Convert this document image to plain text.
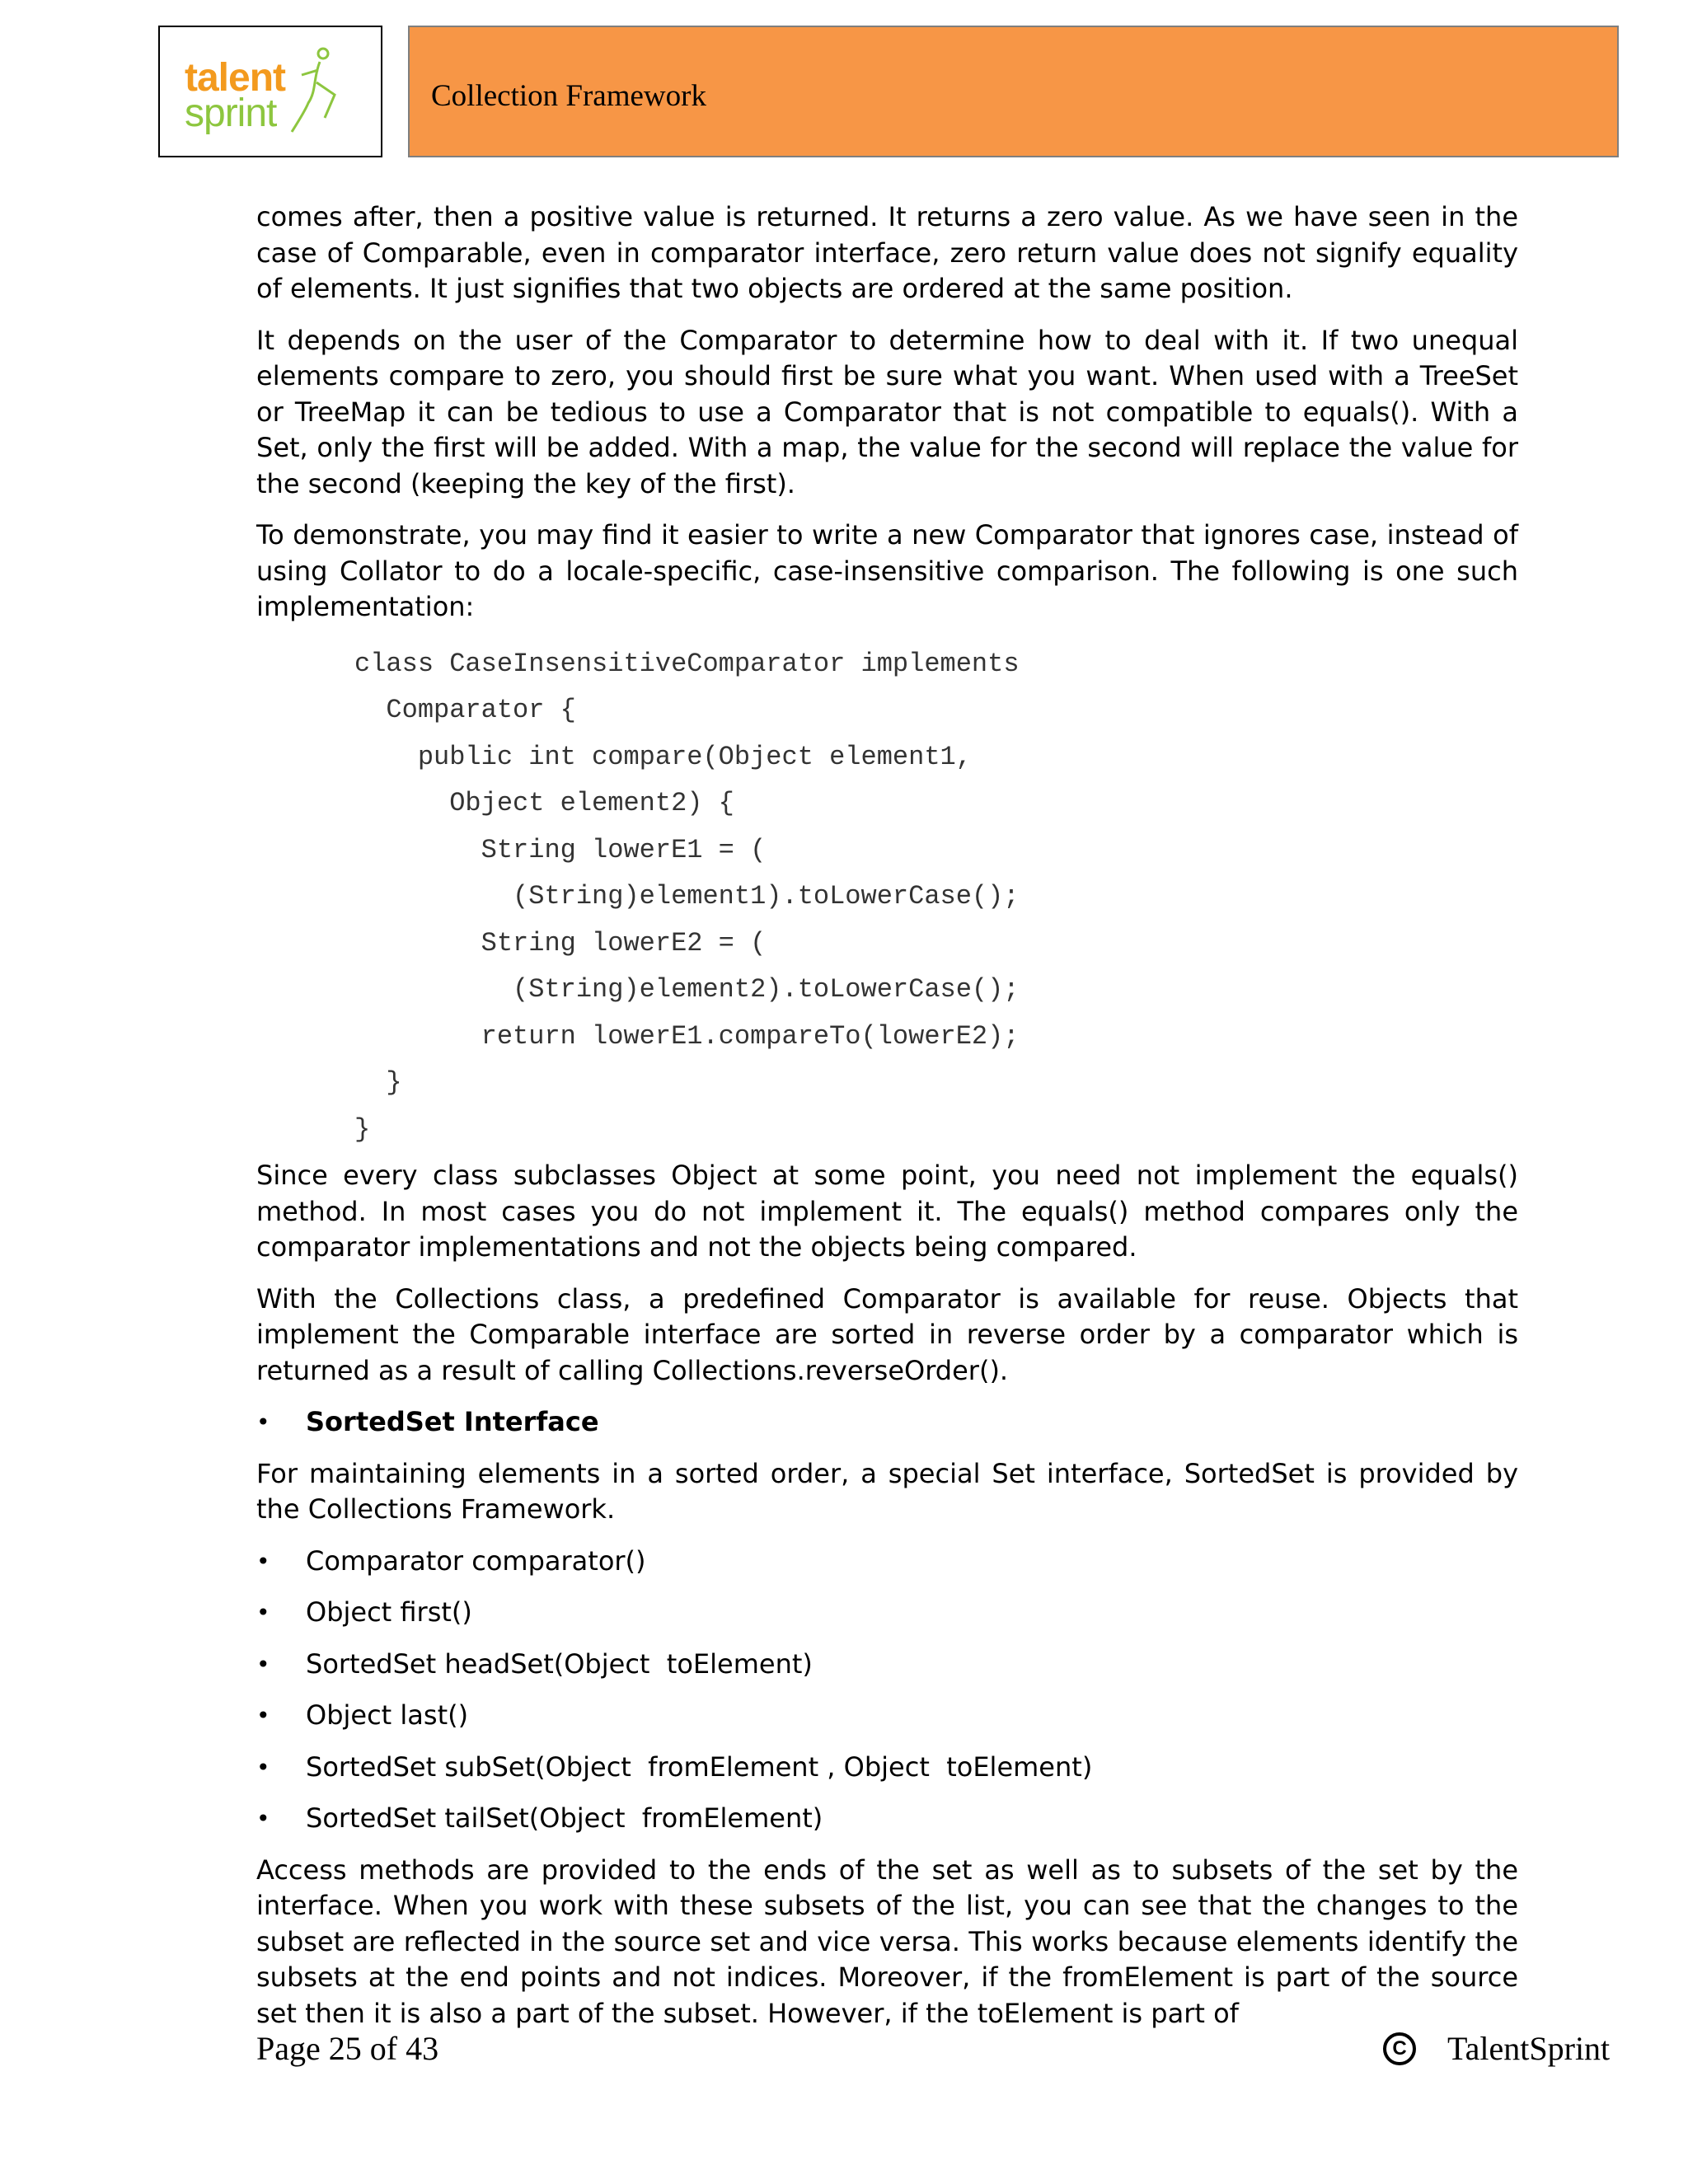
talent
sprint	Collection Framework

comes after, then a positive value is returned. It returns a zero value. As we have seen in the case of Comparable, even in comparator interface, zero return value does not signify equality of elements. It just signifies that two objects are ordered at the same position.

It depends on the user of the Comparator to determine how to deal with it. If two unequal elements compare to zero, you should first be sure what you want. When used with a TreeSet or TreeMap it can be tedious to use a Comparator that is not compatible to equals(). With a Set, only the first will be added. With a map, the value for the second will replace the value for the second (keeping the key of the first).

To demonstrate, you may find it easier to write a new Comparator that ignores case, instead of using Collator to do a locale-specific, case-insensitive comparison. The following is one such implementation:

class CaseInsensitiveComparator implements
Comparator {
public int compare(Object element1,
Object element2) {
String lowerE1 = (
(String)element1).toLowerCase();
String lowerE2 = (
(String)element2).toLowerCase();
return lowerE1.compareTo(lowerE2);
}
}

Since every class subclasses Object at some point, you need not implement the equals() method. In most cases you do not implement it. The equals() method compares only the comparator implementations and not the objects being compared.

With the Collections class, a predefined Comparator is available for reuse. Objects that implement the Comparable interface are sorted in reverse order by a comparator which is returned as a result of calling Collections.reverseOrder().

•	SortedSet Interface

For maintaining elements in a sorted order, a special Set interface, SortedSet is provided by the Collections Framework.

•	Comparator comparator()
•	Object first()
•	SortedSet headSet(Object  toElement)
•	Object last()
•	SortedSet subSet(Object  fromElement , Object  toElement)
•	SortedSet tailSet(Object  fromElement)

Access methods are provided to the ends of the set as well as to subsets of the set by the interface. When you work with these subsets of the list, you can see that the changes to the subset are reflected in the source set and vice versa. This works because elements identify the subsets at the end points and not indices. Moreover, if the fromElement is part of the source set then it is also a part of the subset. However, if the toElement is part of

Page 25 of 43	C TalentSprint
